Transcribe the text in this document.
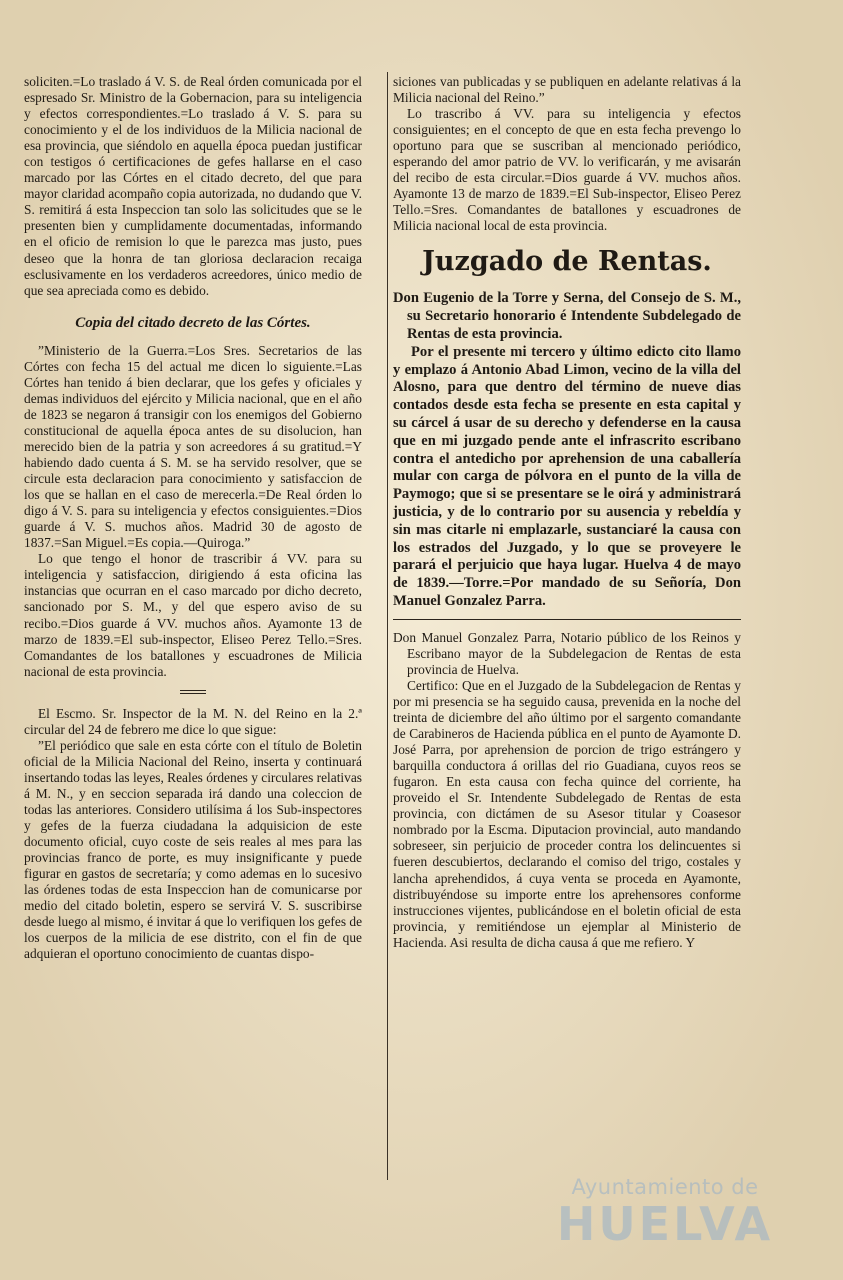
soliciten.=Lo traslado á V. S. de Real órden comunicada por el espresado Sr. Ministro de la Gobernacion, para su inteligencia y efectos correspondientes.=Lo traslado á V. S. para su conocimiento y el de los individuos de la Milicia nacional de esa provincia, que siéndolo en aquella época puedan justificar con testigos ó certificaciones de gefes hallarse en el caso marcado por las Córtes en el citado decreto, del que para mayor claridad acompaño copia autorizada, no dudando que V. S. remitirá á esta Inspeccion tan solo las solicitudes que se le presenten bien y cumplidamente documentadas, informando en el oficio de remision lo que le parezca mas justo, pues deseo que la honra de tan gloriosa declaracion recaiga esclusivamente en los verdaderos acreedores, único medio de que sea apreciada como es debido.

Copia del citado decreto de las Córtes.

”Ministerio de la Guerra.=Los Sres. Secretarios de las Córtes con fecha 15 del actual me dicen lo siguiente.=Las Córtes han tenido á bien declarar, que los gefes y oficiales y demas individuos del ejército y Milicia nacional, que en el año de 1823 se negaron á transigir con los enemigos del Gobierno constitucional de aquella época antes de su disolucion, han merecido bien de la patria y son acreedores á su gratitud.=Y habiendo dado cuenta á S. M. se ha servido resolver, que se circule esta declaracion para conocimiento y satisfaccion de los que se hallan en el caso de merecerla.=De Real órden lo digo á V. S. para su inteligencia y efectos consiguientes.=Dios guarde á V. S. muchos años. Madrid 30 de agosto de 1837.=San Miguel.=Es copia.—Quiroga.”

Lo que tengo el honor de trascribir á VV. para su inteligencia y satisfaccion, dirigiendo á esta oficina las instancias que ocurran en el caso marcado por dicho decreto, sancionado por S. M., y del que espero aviso de su recibo.=Dios guarde á VV. muchos años. Ayamonte 13 de marzo de 1839.=El sub-inspector, Eliseo Perez Tello.=Sres. Comandantes de los batallones y escuadrones de Milicia nacional de esta provincia.

El Escmo. Sr. Inspector de la M. N. del Reino en la 2.ª circular del 24 de febrero me dice lo que sigue:

”El periódico que sale en esta córte con el título de Boletin oficial de la Milicia Nacional del Reino, inserta y continuará insertando todas las leyes, Reales órdenes y circulares relativas á M. N., y en seccion separada irá dando una coleccion de todas las anteriores. Considero utilísima á los Sub-inspectores y gefes de la fuerza ciudadana la adquisicion de este documento oficial, cuyo coste de seis reales al mes para las provincias franco de porte, es muy insignificante y puede figurar en gastos de secretaría; y como ademas en lo sucesivo las órdenes todas de esta Inspeccion han de comunicarse por medio del citado boletin, espero se servirá V. S. suscribirse desde luego al mismo, é invitar á que lo verifiquen los gefes de los cuerpos de la milicia de ese distrito, con el fin de que adquieran el oportuno conocimiento de cuantas dispo-

siciones van publicadas y se publiquen en adelante relativas á la Milicia nacional del Reino.”

Lo trascribo á VV. para su inteligencia y efectos consiguientes; en el concepto de que en esta fecha prevengo lo oportuno para que se suscriban al mencionado periódico, esperando del amor patrio de VV. lo verificarán, y me avisarán del recibo de esta circular.=Dios guarde á VV. muchos años. Ayamonte 13 de marzo de 1839.=El Sub-inspector, Eliseo Perez Tello.=Sres. Comandantes de batallones y escuadrones de Milicia nacional local de esta provincia.

Juzgado de Rentas.

Don Eugenio de la Torre y Serna, del Consejo de S. M., su Secretario honorario é Intendente Subdelegado de Rentas de esta provincia.

Por el presente mi tercero y último edicto cito llamo y emplazo á Antonio Abad Limon, vecino de la villa del Alosno, para que dentro del término de nueve dias contados desde esta fecha se presente en esta capital y su cárcel á usar de su derecho y defenderse en la causa que en mi juzgado pende ante el infrascrito escribano contra el antedicho por aprehension de una caballería mular con carga de pólvora en el punto de la villa de Paymogo; que si se presentare se le oirá y administrará justicia, y de lo contrario por su ausencia y rebeldía y sin mas citarle ni emplazarle, sustanciaré la causa con los estrados del Juzgado, y lo que se proveyere le parará el perjuicio que haya lugar. Huelva 4 de mayo de 1839.—Torre.=Por mandado de su Señoría, Don Manuel Gonzalez Parra.

Don Manuel Gonzalez Parra, Notario público de los Reinos y Escribano mayor de la Subdelegacion de Rentas de esta provincia de Huelva.

Certifico: Que en el Juzgado de la Subdelegacion de Rentas y por mi presencia se ha seguido causa, prevenida en la noche del treinta de diciembre del año último por el sargento comandante de Carabineros de Hacienda pública en el punto de Ayamonte D. José Parra, por aprehension de porcion de trigo estrángero y barquilla conductora á orillas del rio Guadiana, cuyos reos se fugaron. En esta causa con fecha quince del corriente, ha proveido el Sr. Intendente Subdelegado de Rentas de esta provincia, con dictámen de su Asesor titular y Coasesor nombrado por la Escma. Diputacion provincial, auto mandando sobreseer, sin perjuicio de proceder contra los delincuentes si fueren descubiertos, declarando el comiso del trigo, costales y lancha aprehendidos, á cuya venta se proceda en Ayamonte, distribuyéndose su importe entre los aprehensores conforme instrucciones vijentes, publicándose en el boletin oficial de esta provincia, y remitiéndose un ejemplar al Ministerio de Hacienda. Asi resulta de dicha causa á que me refiero. Y

Ayuntamiento de
HUELVA
